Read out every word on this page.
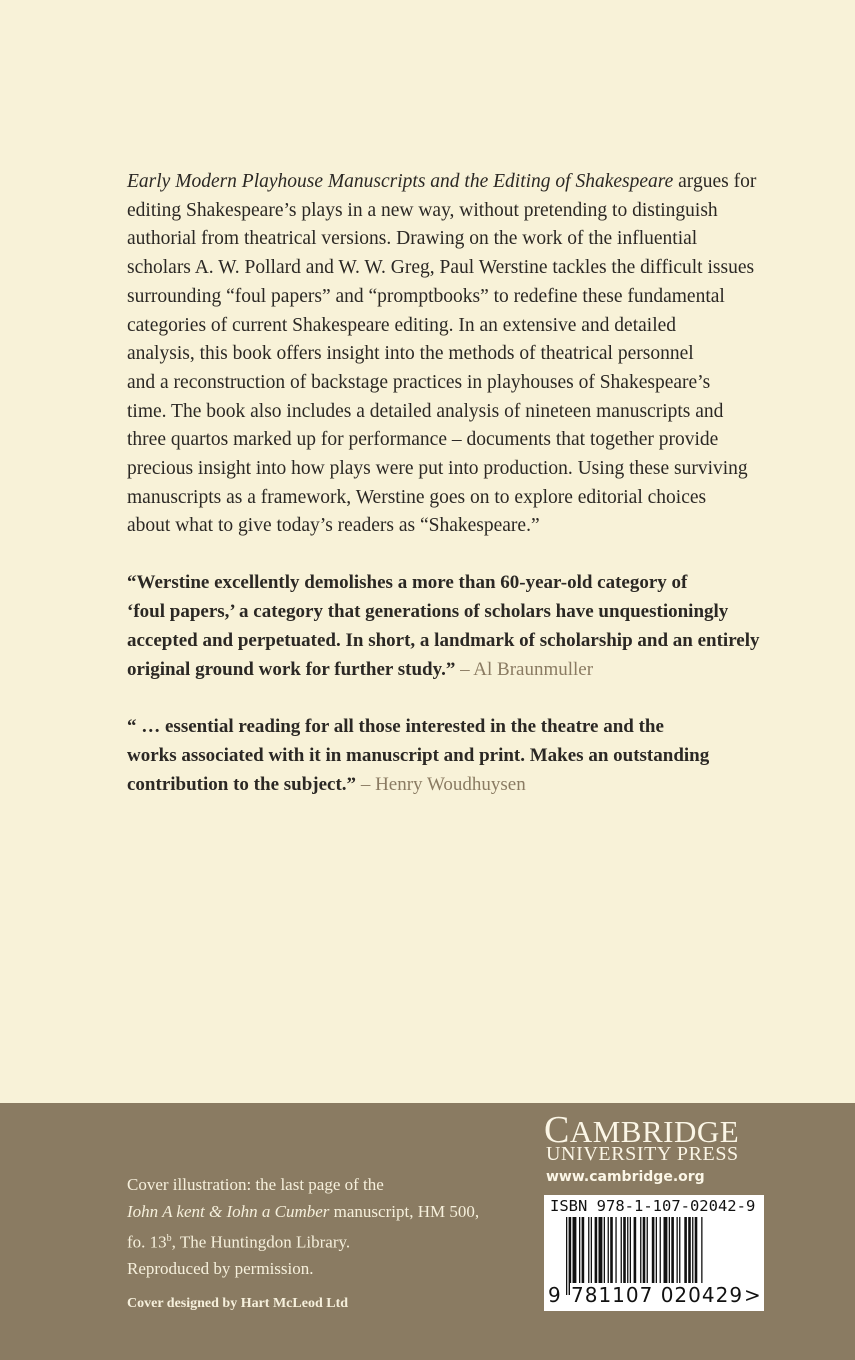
Early Modern Playhouse Manuscripts and the Editing of Shakespeare argues for
editing Shakespeare’s plays in a new way, without pretending to distinguish
authorial from theatrical versions. Drawing on the work of the influential
scholars A. W. Pollard and W. W. Greg, Paul Werstine tackles the difficult issues
surrounding “foul papers” and “promptbooks” to redefine these fundamental
categories of current Shakespeare editing. In an extensive and detailed
analysis, this book offers insight into the methods of theatrical personnel
and a reconstruction of backstage practices in playhouses of Shakespeare’s
time. The book also includes a detailed analysis of nineteen manuscripts and
three quartos marked up for performance – documents that together provide
precious insight into how plays were put into production. Using these surviving
manuscripts as a framework, Werstine goes on to explore editorial choices
about what to give today’s readers as “Shakespeare.”
“Werstine excellently demolishes a more than 60-year-old category of
‘foul papers,’ a category that generations of scholars have unquestioningly
accepted and perpetuated. In short, a landmark of scholarship and an entirely
original ground work for further study.” – Al Braunmuller
“ … essential reading for all those interested in the theatre and the
works associated with it in manuscript and print. Makes an outstanding
contribution to the subject.” – Henry Woudhuysen
Cover illustration: the last page of the
Iohn A kent & Iohn a Cumber manuscript, HM 500,
fo. 13$^b$, The Huntingdon Library.
Reproduced by permission.
Cover designed by Hart McLeod Ltd
CAMBRIDGE
UNIVERSITY PRESS
www.cambridge.org
ISBN 978-1-107-02042-9
9 781107 020429 >
